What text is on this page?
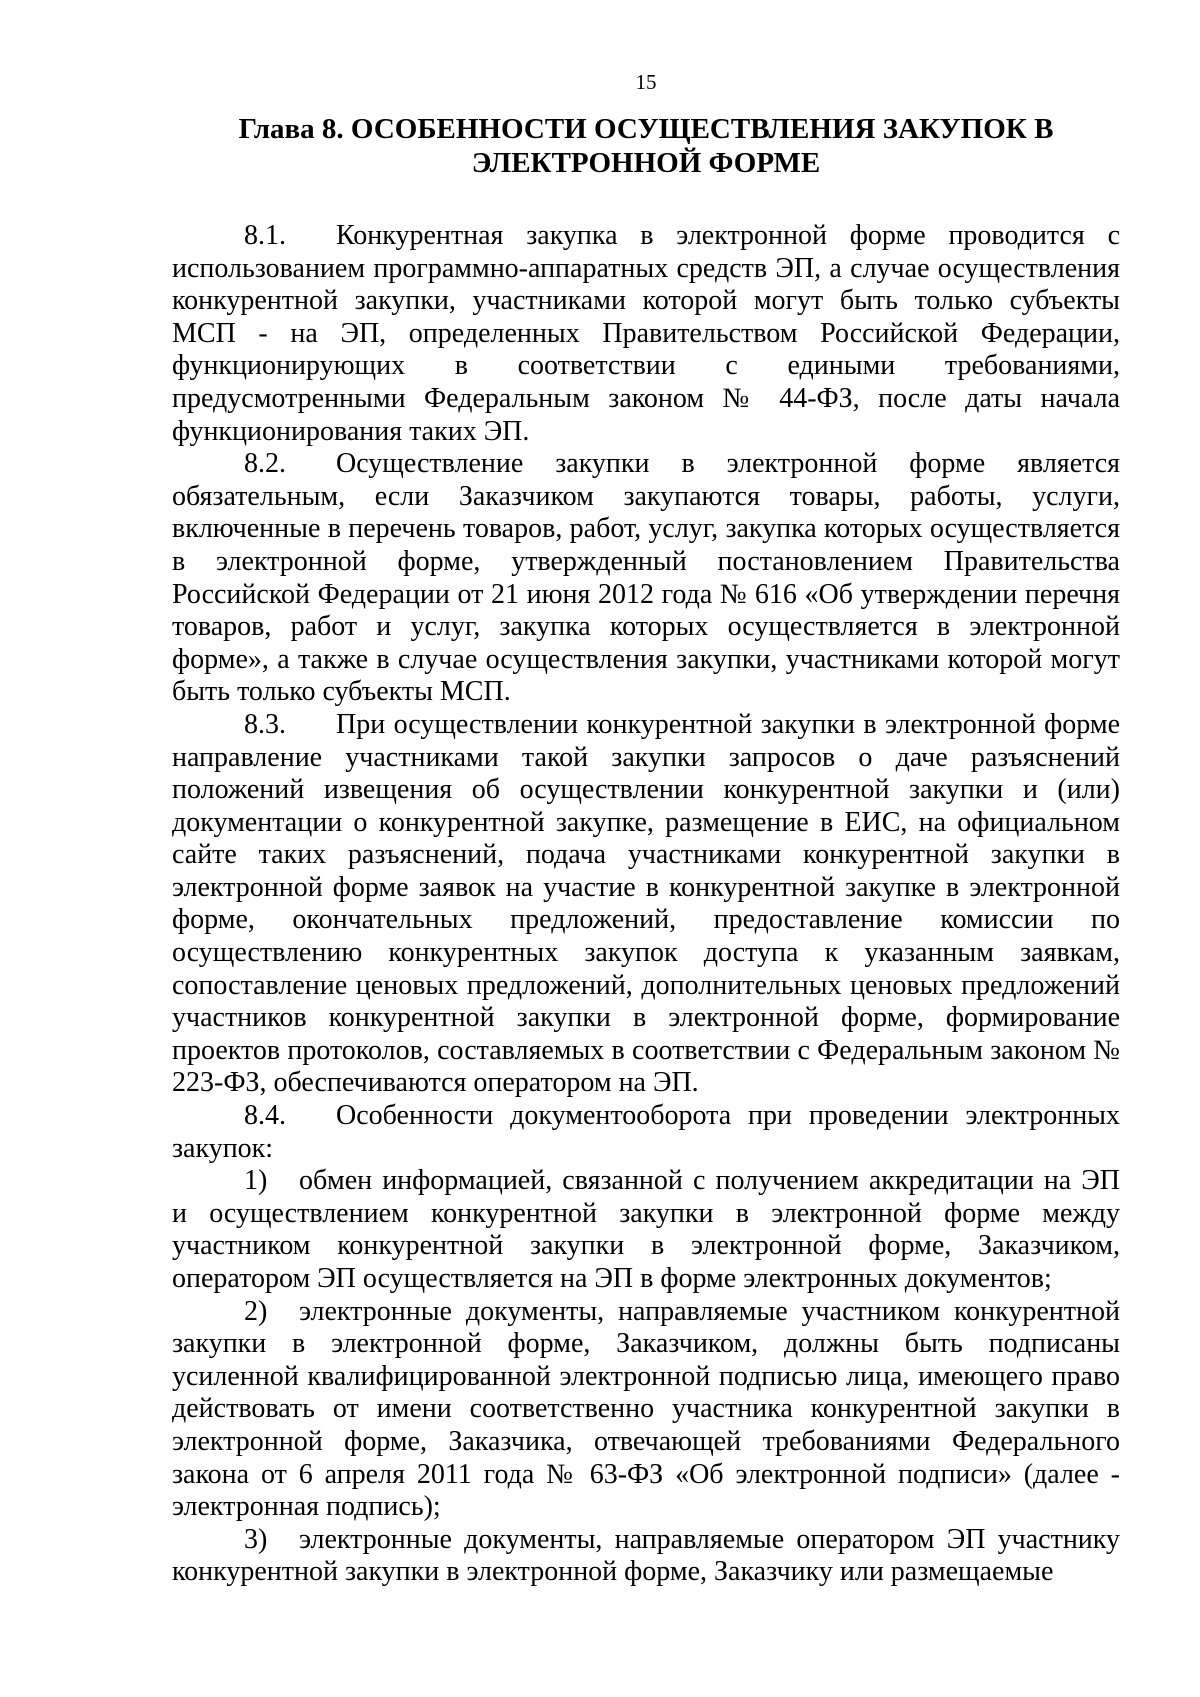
15
Глава 8. ОСОБЕННОСТИ ОСУЩЕСТВЛЕНИЯ ЗАКУПОК В ЭЛЕКТРОННОЙ ФОРМЕ

8.1. Конкурентная закупка в электронной форме проводится с использованием программно-аппаратных средств ЭП, а случае осуществления конкурентной закупки, участниками которой могут быть только субъекты МСП - на ЭП, определенных Правительством Российской Федерации, функционирующих в соответствии с едиными требованиями, предусмотренными Федеральным законом № 44-ФЗ, после даты начала функционирования таких ЭП.

8.2. Осуществление закупки в электронной форме является обязательным, если Заказчиком закупаются товары, работы, услуги, включенные в перечень товаров, работ, услуг, закупка которых осуществляется в электронной форме, утвержденный постановлением Правительства Российской Федерации от 21 июня 2012 года № 616 «Об утверждении перечня товаров, работ и услуг, закупка которых осуществляется в электронной форме», а также в случае осуществления закупки, участниками которой могут быть только субъекты МСП.

8.3. При осуществлении конкурентной закупки в электронной форме направление участниками такой закупки запросов о даче разъяснений положений извещения об осуществлении конкурентной закупки и (или) документации о конкурентной закупке, размещение в ЕИС, на официальном сайте таких разъяснений, подача участниками конкурентной закупки в электронной форме заявок на участие в конкурентной закупке в электронной форме, окончательных предложений, предоставление комиссии по осуществлению конкурентных закупок доступа к указанным заявкам, сопоставление ценовых предложений, дополнительных ценовых предложений участников конкурентной закупки в электронной форме, формирование проектов протоколов, составляемых в соответствии с Федеральным законом № 223-ФЗ, обеспечиваются оператором на ЭП.

8.4. Особенности документооборота при проведении электронных закупок:

1) обмен информацией, связанной с получением аккредитации на ЭП и осуществлением конкурентной закупки в электронной форме между участником конкурентной закупки в электронной форме, Заказчиком, оператором ЭП осуществляется на ЭП в форме электронных документов;

2) электронные документы, направляемые участником конкурентной закупки в электронной форме, Заказчиком, должны быть подписаны усиленной квалифицированной электронной подписью лица, имеющего право действовать от имени соответственно участника конкурентной закупки в электронной форме, Заказчика, отвечающей требованиями Федерального закона от 6 апреля 2011 года № 63-ФЗ «Об электронной подписи» (далее - электронная подпись);

3) электронные документы, направляемые оператором ЭП участнику конкурентной закупки в электронной форме, Заказчику или размещаемые
